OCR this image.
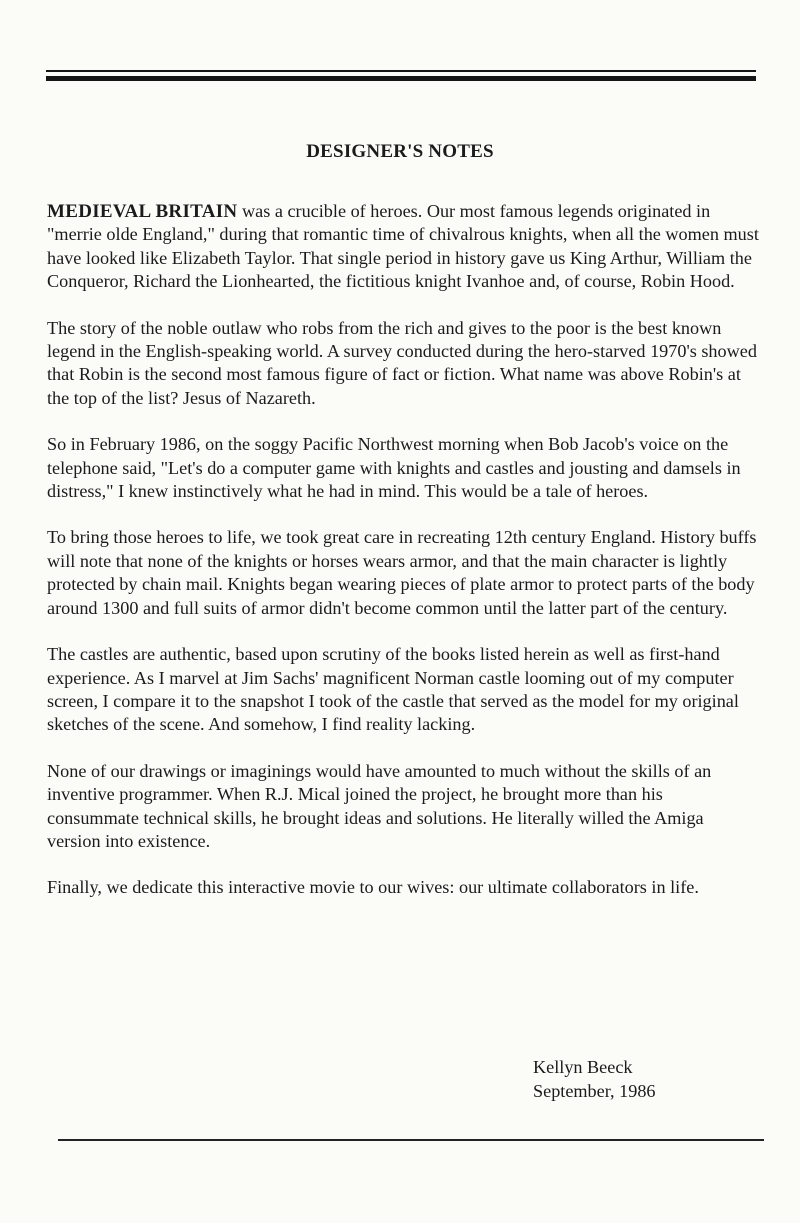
DESIGNER'S NOTES

MEDIEVAL BRITAIN was a crucible of heroes. Our most famous legends originated in "merrie olde England," during that romantic time of chivalrous knights, when all the women must have looked like Elizabeth Taylor. That single period in history gave us King Arthur, William the Conqueror, Richard the Lionhearted, the fictitious knight Ivanhoe and, of course, Robin Hood.

The story of the noble outlaw who robs from the rich and gives to the poor is the best known legend in the English-speaking world. A survey conducted during the hero-starved 1970's showed that Robin is the second most famous figure of fact or fiction. What name was above Robin's at the top of the list? Jesus of Nazareth.

So in February 1986, on the soggy Pacific Northwest morning when Bob Jacob's voice on the telephone said, "Let's do a computer game with knights and castles and jousting and damsels in distress," I knew instinctively what he had in mind. This would be a tale of heroes.

To bring those heroes to life, we took great care in recreating 12th century England. History buffs will note that none of the knights or horses wears armor, and that the main character is lightly protected by chain mail. Knights began wearing pieces of plate armor to protect parts of the body around 1300 and full suits of armor didn't become common until the latter part of the century.

The castles are authentic, based upon scrutiny of the books listed herein as well as first-hand experience. As I marvel at Jim Sachs' magnificent Norman castle looming out of my computer screen, I compare it to the snapshot I took of the castle that served as the model for my original sketches of the scene. And somehow, I find reality lacking.

None of our drawings or imaginings would have amounted to much without the skills of an inventive programmer. When R.J. Mical joined the project, he brought more than his consummate technical skills, he brought ideas and solutions. He literally willed the Amiga version into existence.

Finally, we dedicate this interactive movie to our wives: our ultimate collaborators in life.

Kellyn Beeck
September, 1986
